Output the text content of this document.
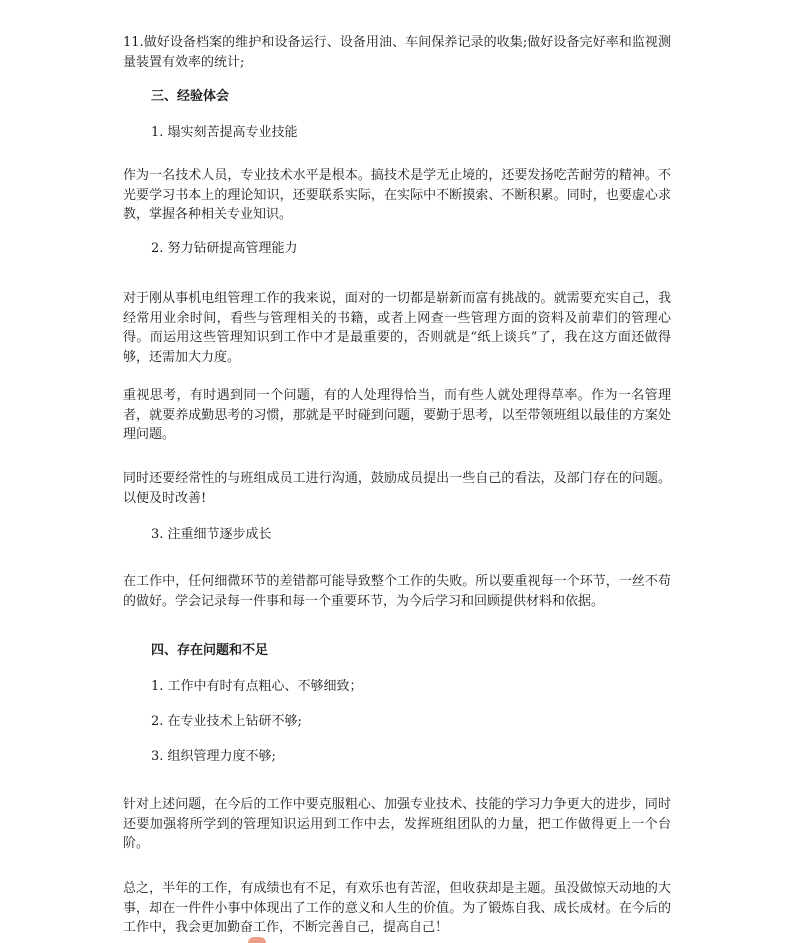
11.做好设备档案的维护和设备运行、设备用油、车间保养记录的收集;做好设备完好率和监视测量装置有效率的统计;

三、经验体会

1. 塌实刻苦提高专业技能

作为一名技术人员，专业技术水平是根本。搞技术是学无止境的，还要发扬吃苦耐劳的精神。不光要学习书本上的理论知识，还要联系实际，在实际中不断摸索、不断积累。同时，也要虚心求教，掌握各种相关专业知识。

2. 努力钻研提高管理能力

对于刚从事机电组管理工作的我来说，面对的一切都是崭新而富有挑战的。就需要充实自己，我经常用业余时间，看些与管理相关的书籍，或者上网查一些管理方面的资料及前辈们的管理心得。而运用这些管理知识到工作中才是最重要的，否则就是“纸上谈兵”了，我在这方面还做得够，还需加大力度。

重视思考，有时遇到同一个问题，有的人处理得恰当，而有些人就处理得草率。作为一名管理者，就要养成勤思考的习惯，那就是平时碰到问题，要勤于思考，以至带领班组以最佳的方案处理问题。

同时还要经常性的与班组成员工进行沟通，鼓励成员提出一些自己的看法，及部门存在的问题。以便及时改善!

3. 注重细节逐步成长

在工作中，任何细微环节的差错都可能导致整个工作的失败。所以要重视每一个环节，一丝不苟的做好。学会记录每一件事和每一个重要环节，为今后学习和回顾提供材料和依据。

四、存在问题和不足

1. 工作中有时有点粗心、不够细致；

2. 在专业技术上钻研不够;

3. 组织管理力度不够;

针对上述问题，在今后的工作中要克服粗心、加强专业技术、技能的学习力争更大的进步，同时还要加强将所学到的管理知识运用到工作中去，发挥班组团队的力量，把工作做得更上一个台阶。

总之，半年的工作，有成绩也有不足，有欢乐也有苦涩，但收获却是主题。虽没做惊天动地的大事，却在一件件小事中体现出了工作的意义和人生的价值。为了锻炼自我、成长成材。在今后的工作中，我会更加勤奋工作，不断完善自己，提高自己！
